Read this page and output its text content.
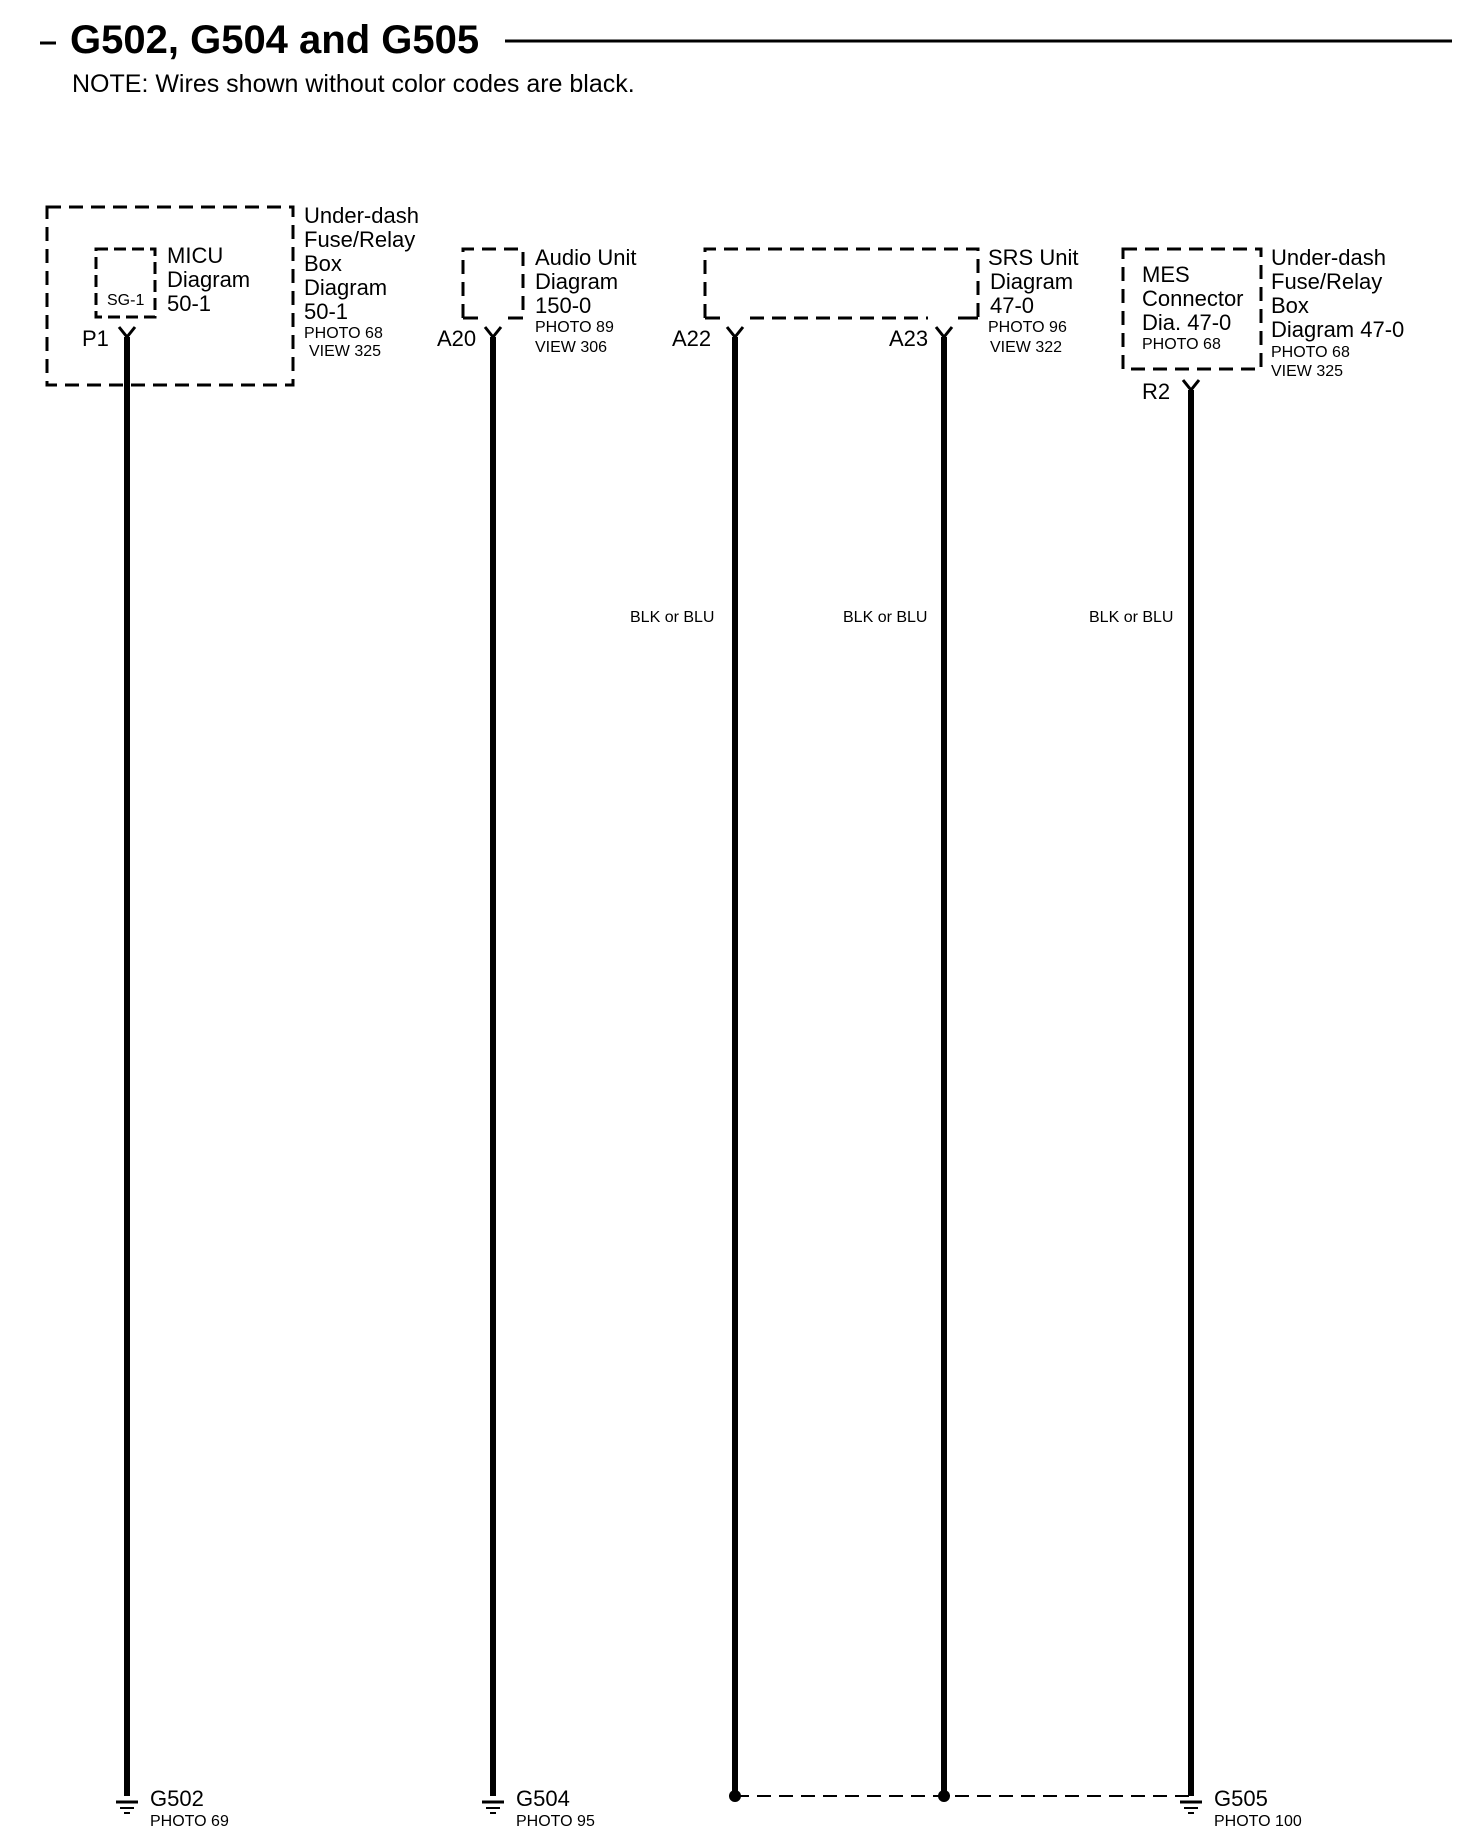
G502, G504 and G505
NOTE: Wires shown without color codes are black.
SG-1
MICU
Diagram
50-1
Under-dash
Fuse/Relay
Box
Diagram
50-1
PHOTO 68
VIEW 325
P1
Audio Unit
Diagram
150-0
PHOTO 89
VIEW 306
A20
SRS Unit
Diagram
47-0
PHOTO 96
VIEW 322
A22	A23
MES
Connector
Dia. 47-0
PHOTO 68
Under-dash
Fuse/Relay
Box
Diagram 47-0
PHOTO 68
VIEW 325
R2
BLK or BLU	BLK or BLU	BLK or BLU
G502
PHOTO 69
G504
PHOTO 95
G505
PHOTO 100
